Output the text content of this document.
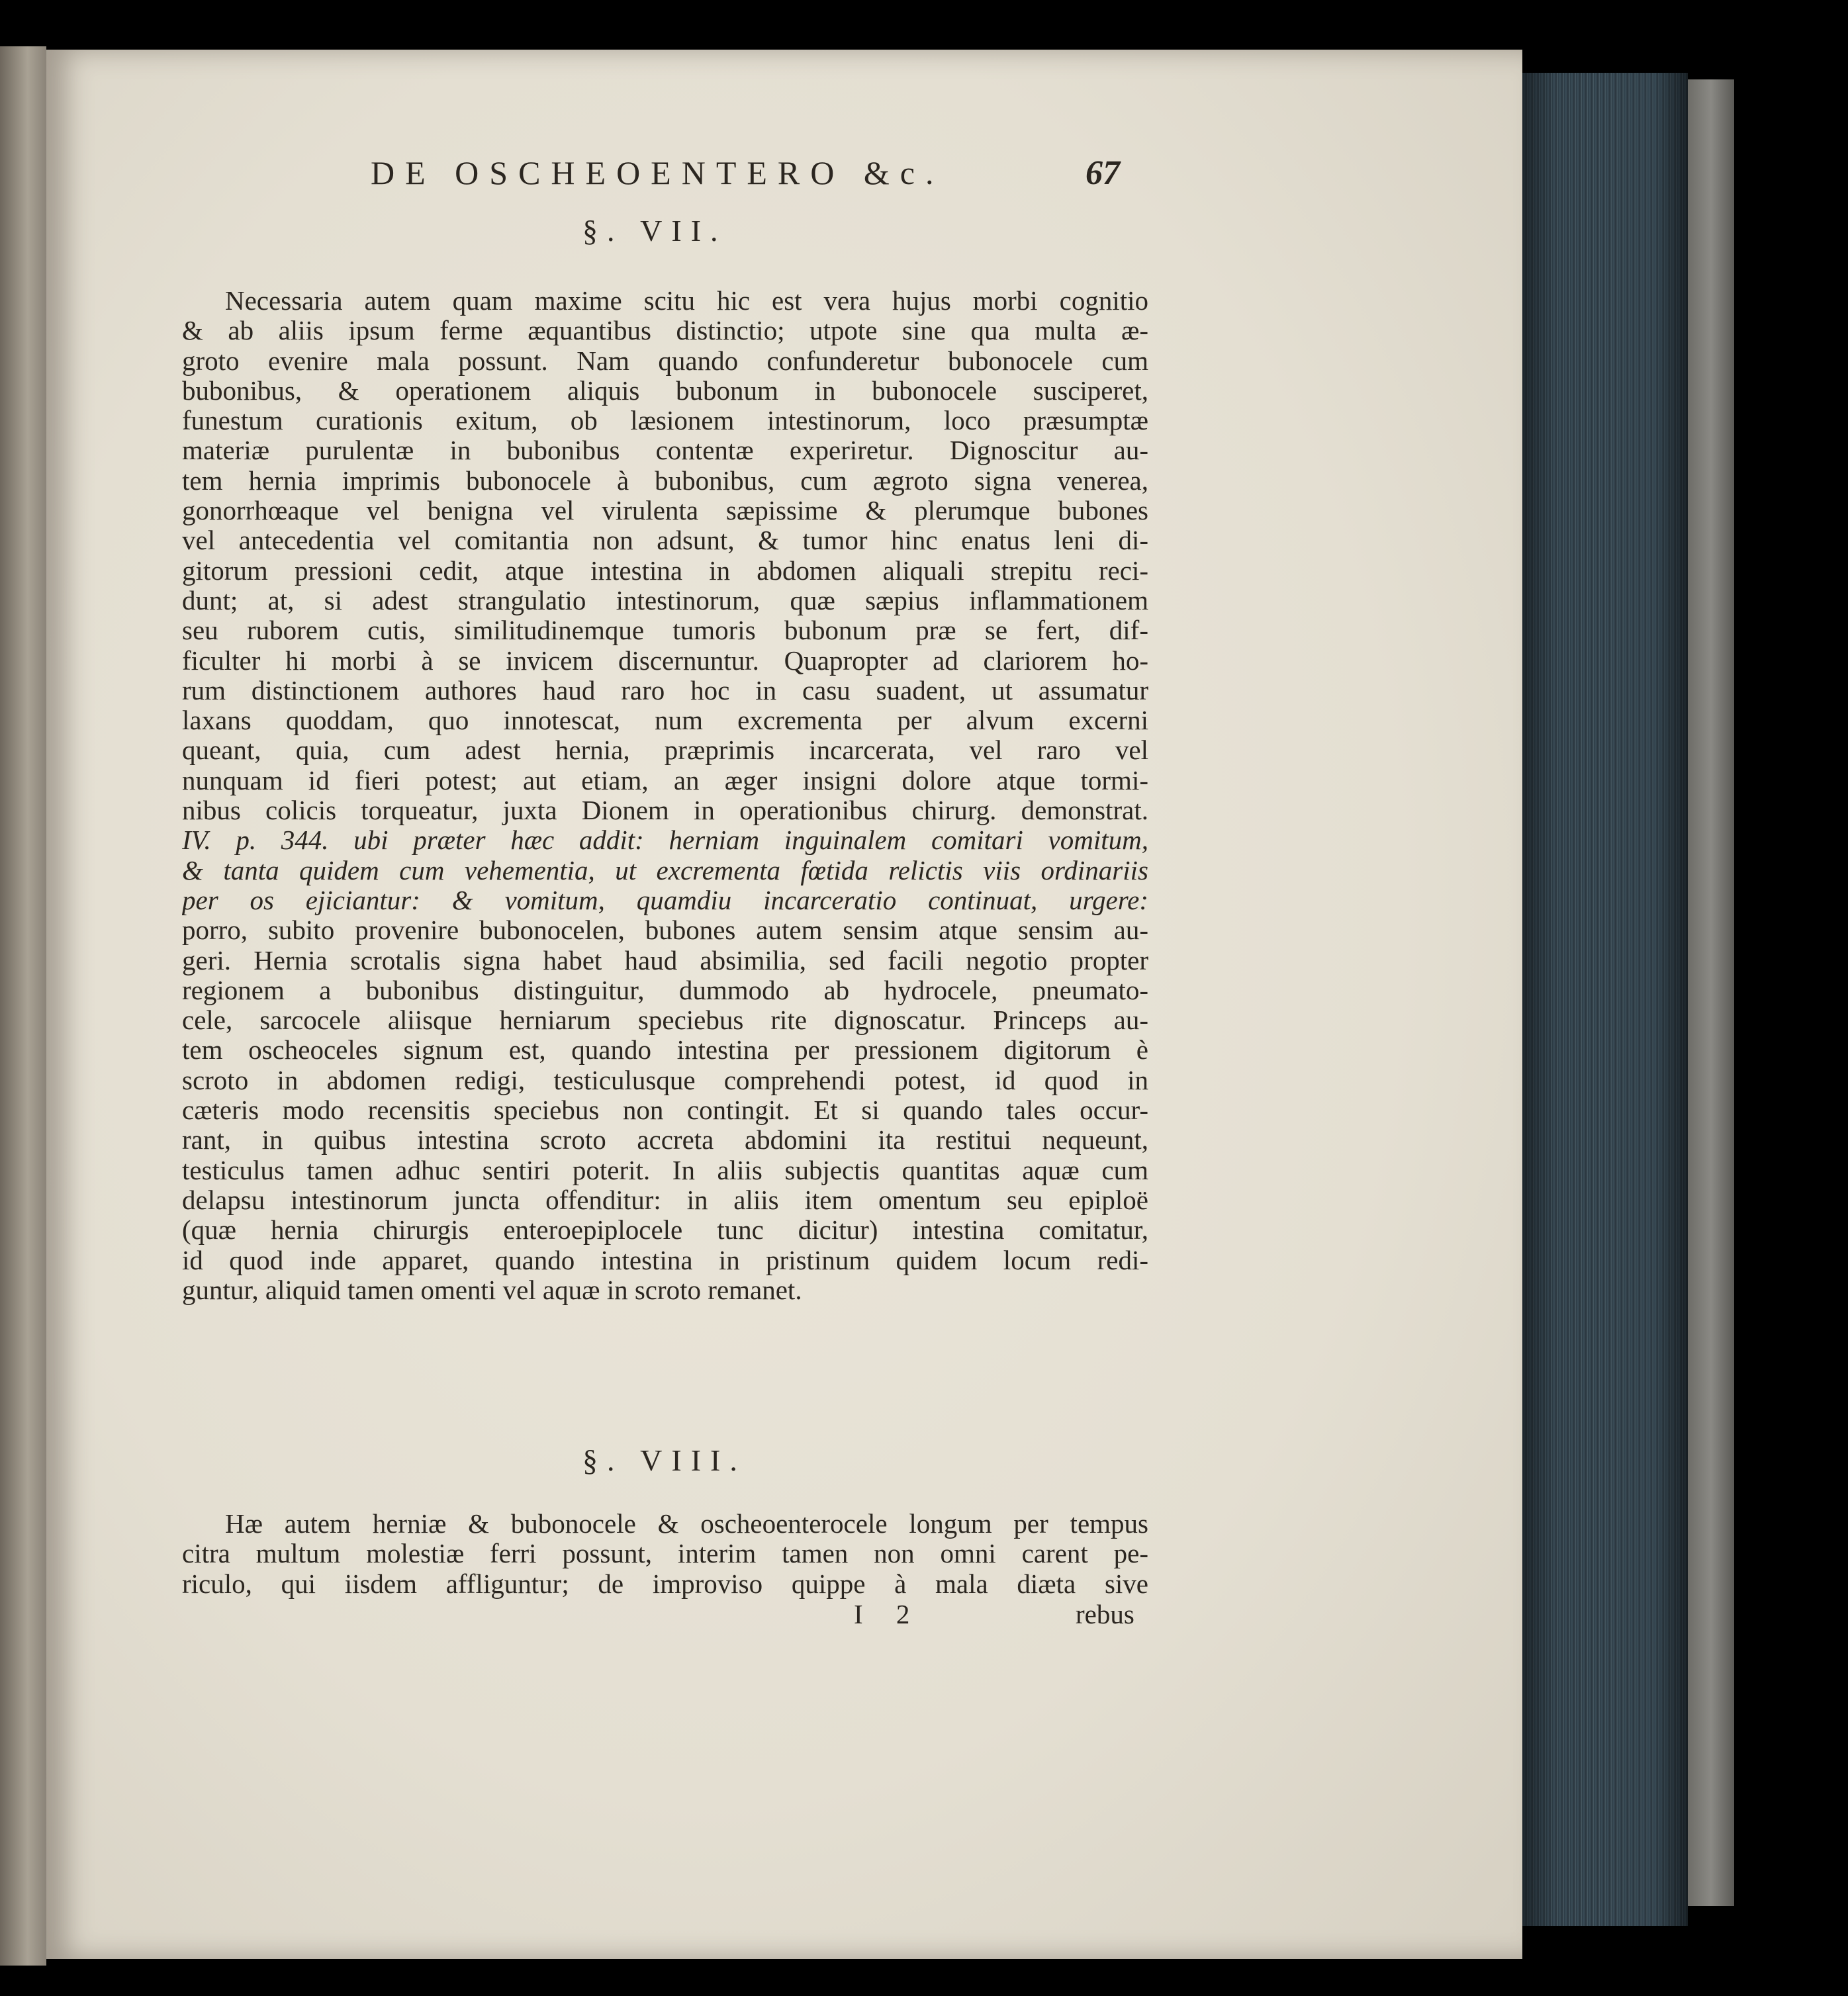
DE OSCHEOENTERO &c.	67
§. VII.
Necessaria autem quam maxime scitu hic est vera hujus morbi cognitio
& ab aliis ipsum ferme æquantibus distinctio; utpote sine qua multa æ-
groto evenire mala possunt. Nam quando confunderetur bubonocele cum
bubonibus, & operationem aliquis bubonum in bubonocele susciperet,
funestum curationis exitum, ob læsionem intestinorum, loco præsumptæ
materiæ purulentæ in bubonibus contentæ experiretur. Dignoscitur au-
tem hernia imprimis bubonocele à bubonibus, cum ægroto signa venerea,
gonorrhœaque vel benigna vel virulenta sæpissime & plerumque bubones
vel antecedentia vel comitantia non adsunt, & tumor hinc enatus leni di-
gitorum pressioni cedit, atque intestina in abdomen aliquali strepitu reci-
dunt; at, si adest strangulatio intestinorum, quæ sæpius inflammationem
seu ruborem cutis, similitudinemque tumoris bubonum præ se fert, dif-
ficulter hi morbi à se invicem discernuntur. Quapropter ad clariorem ho-
rum distinctionem authores haud raro hoc in casu suadent, ut assumatur
laxans quoddam, quo innotescat, num excrementa per alvum excerni
queant, quia, cum adest hernia, præprimis incarcerata, vel raro vel
nunquam id fieri potest; aut etiam, an æger insigni dolore atque tormi-
nibus colicis torqueatur, juxta Dionem in operationibus chirurg. demonstrat.
IV. p. 344. ubi præter hæc addit: herniam inguinalem comitari vomitum,
& tanta quidem cum vehementia, ut excrementa fœtida relictis viis ordinariis
per os ejiciantur: & vomitum, quamdiu incarceratio continuat, urgere:
porro, subito provenire bubonocelen, bubones autem sensim atque sensim au-
geri. Hernia scrotalis signa habet haud absimilia, sed facili negotio propter
regionem a bubonibus distinguitur, dummodo ab hydrocele, pneumato-
cele, sarcocele aliisque herniarum speciebus rite dignoscatur. Princeps au-
tem oscheoceles signum est, quando intestina per pressionem digitorum è
scroto in abdomen redigi, testiculusque comprehendi potest, id quod in
cæteris modo recensitis speciebus non contingit. Et si quando tales occur-
rant, in quibus intestina scroto accreta abdomini ita restitui nequeunt,
testiculus tamen adhuc sentiri poterit. In aliis subjectis quantitas aquæ cum
delapsu intestinorum juncta offenditur: in aliis item omentum seu epiploë
(quæ hernia chirurgis enteroepiplocele tunc dicitur) intestina comitatur,
id quod inde apparet, quando intestina in pristinum quidem locum redi-
guntur, aliquid tamen omenti vel aquæ in scroto remanet.
§. VIII.
Hæ autem herniæ & bubonocele & oscheoenterocele longum per tempus
citra multum molestiæ ferri possunt, interim tamen non omni carent pe-
riculo, qui iisdem affliguntur; de improviso quippe à mala diæta sive
I 2	rebus
